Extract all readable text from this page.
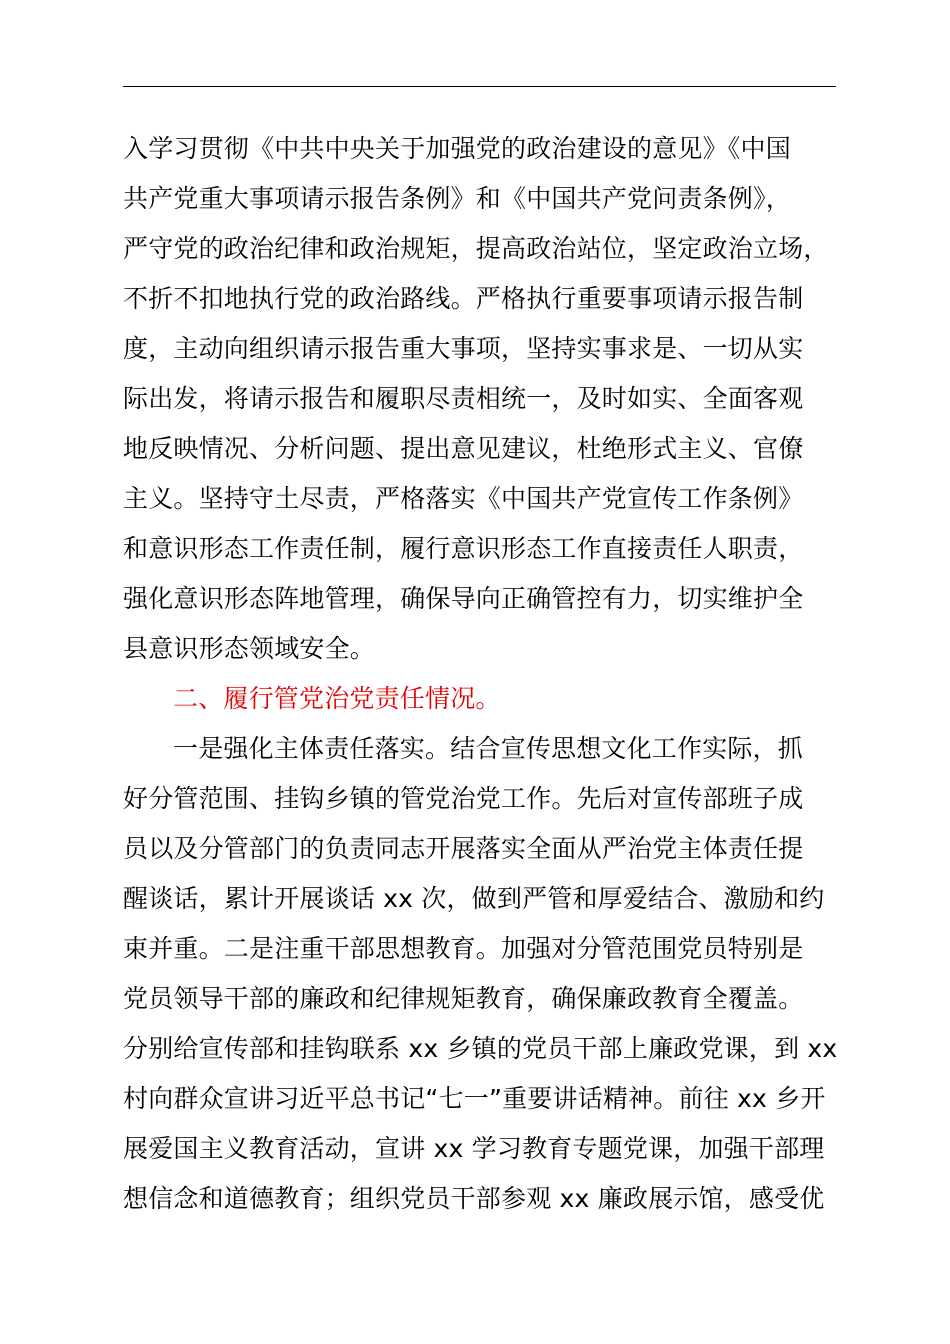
入学习贯彻《中共中央关于加强党的政治建设的意见》《中国
共产党重大事项请示报告条例》和《中国共产党问责条例》，
严守党的政治纪律和政治规矩，提高政治站位，坚定政治立场，
不折不扣地执行党的政治路线。严格执行重要事项请示报告制
度，主动向组织请示报告重大事项，坚持实事求是、一切从实
际出发，将请示报告和履职尽责相统一，及时如实、全面客观
地反映情况、分析问题、提出意见建议，杜绝形式主义、官僚
主义。坚持守土尽责，严格落实《中国共产党宣传工作条例》
和意识形态工作责任制，履行意识形态工作直接责任人职责，
强化意识形态阵地管理，确保导向正确管控有力，切实维护全
县意识形态领域安全。
二、履行管党治党责任情况。
一是强化主体责任落实。结合宣传思想文化工作实际，抓
好分管范围、挂钩乡镇的管党治党工作。先后对宣传部班子成
员以及分管部门的负责同志开展落实全面从严治党主体责任提
醒谈话，累计开展谈话 xx 次，做到严管和厚爱结合、激励和约
束并重。二是注重干部思想教育。加强对分管范围党员特别是
党员领导干部的廉政和纪律规矩教育，确保廉政教育全覆盖。
分别给宣传部和挂钩联系 xx 乡镇的党员干部上廉政党课，到 xx
村向群众宣讲习近平总书记“七一”重要讲话精神。前往 xx 乡开
展爱国主义教育活动，宣讲 xx 学习教育专题党课，加强干部理
想信念和道德教育；组织党员干部参观 xx 廉政展示馆，感受优
